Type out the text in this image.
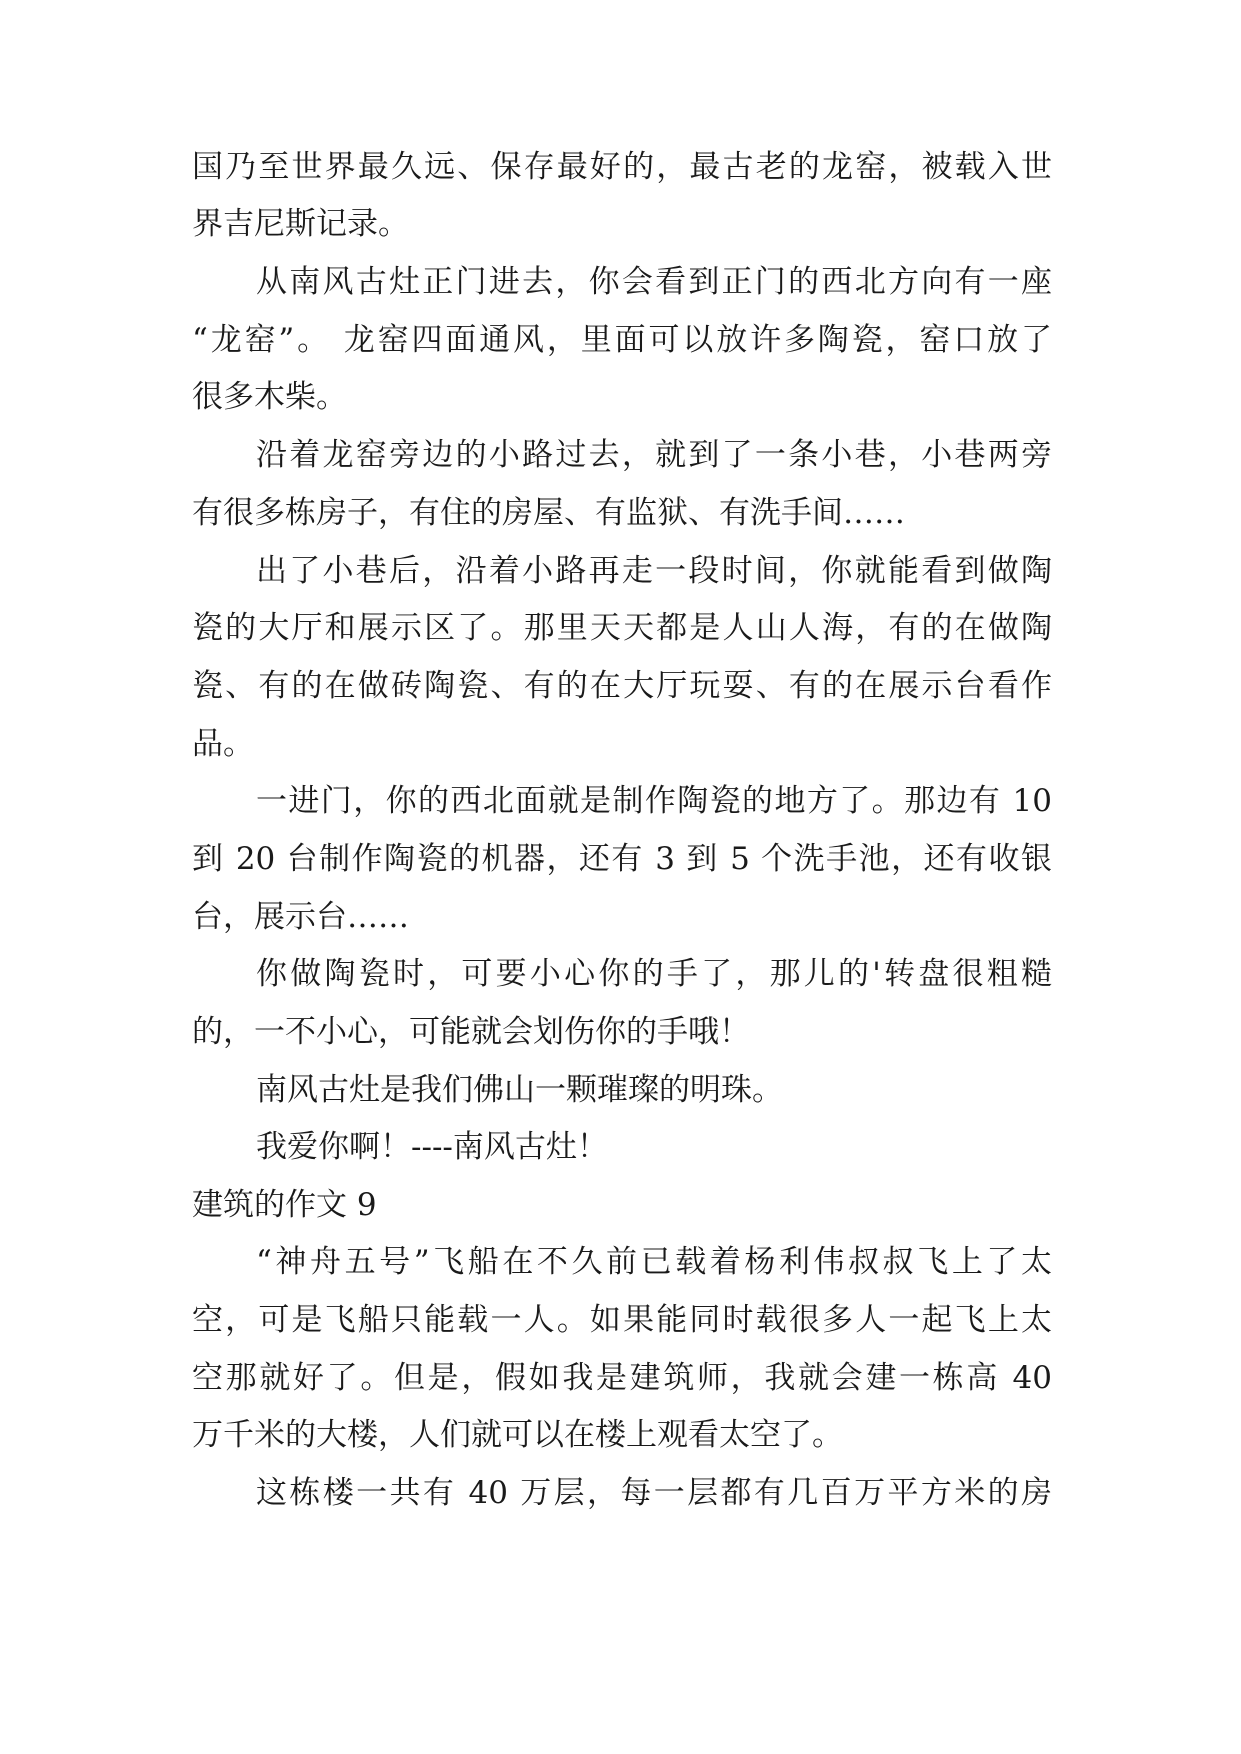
国乃至世界最久远、保存最好的，最古老的龙窑，被载入世
界吉尼斯记录。
从南风古灶正门进去，你会看到正门的西北方向有一座
“龙窑”。 龙窑四面通风，里面可以放许多陶瓷，窑口放了
很多木柴。
沿着龙窑旁边的小路过去，就到了一条小巷，小巷两旁
有很多栋房子，有住的房屋、有监狱、有洗手间……
出了小巷后，沿着小路再走一段时间，你就能看到做陶
瓷的大厅和展示区了。那里天天都是人山人海，有的在做陶
瓷、有的在做砖陶瓷、有的在大厅玩耍、有的在展示台看作
品。
一进门，你的西北面就是制作陶瓷的地方了。那边有 10
到 20 台制作陶瓷的机器，还有 3 到 5 个洗手池，还有收银
台，展示台……
你做陶瓷时，可要小心你的手了，那儿的'转盘很粗糙
的，一不小心，可能就会划伤你的手哦！
南风古灶是我们佛山一颗璀璨的明珠。
我爱你啊！----南风古灶！
建筑的作文 9
“神舟五号”飞船在不久前已载着杨利伟叔叔飞上了太
空，可是飞船只能载一人。如果能同时载很多人一起飞上太
空那就好了。但是，假如我是建筑师，我就会建一栋高 40
万千米的大楼，人们就可以在楼上观看太空了。
这栋楼一共有 40 万层，每一层都有几百万平方米的房
